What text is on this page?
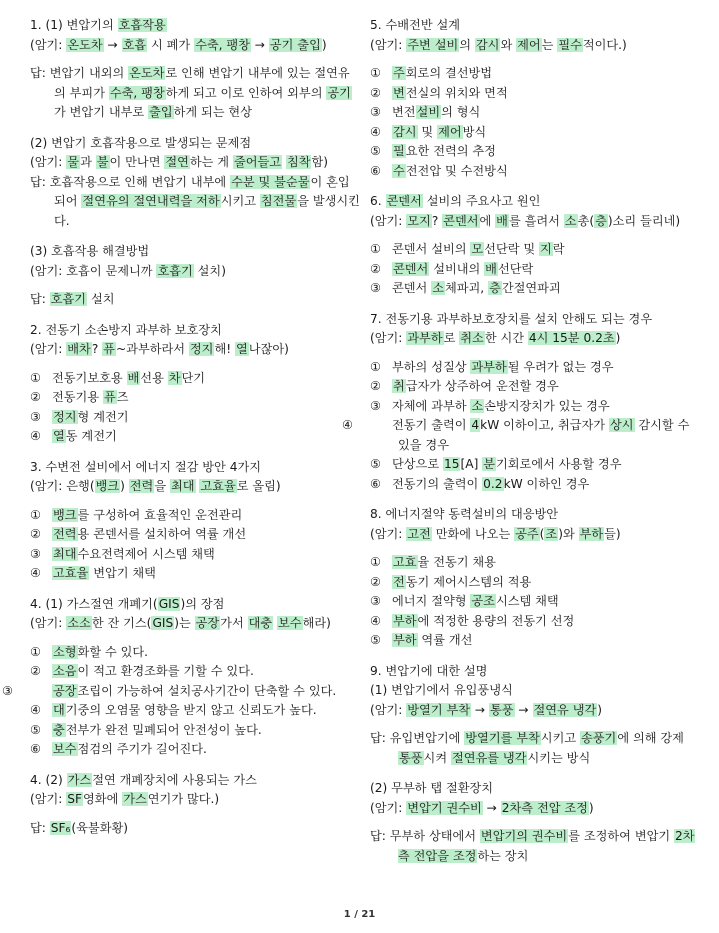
1. (1) 변압기의 호흡작용
(암기: 온도차 → 호흡 시 폐가 수축, 팽창 → 공기 출입)
답: 변압기 내외의 온도차로 인해 변압기 내부에 있는 절연유의 부피가 수축, 팽창하게 되고 이로 인하여 외부의 공기가 변압기 내부로 출입하게 되는 현상
(2) 변압기 호흡작용으로 발생되는 문제점
(암기: 물과 불이 만나면 절연하는 게 줄어들고 침착함)
답: 호흡작용으로 인해 변압기 내부에 수분 및 불순물이 혼입되어 절연유의 절연내력을 저하시키고 침전물을 발생시킨다.
(3) 호흡작용 해결방법
(암기: 호흡이 문제니까 호흡기 설치)
답: 호흡기 설치
2. 전동기 소손방지 과부하 보호장치
(암기: 배차? 퓨~과부하라서 정지해! 열나잖아)
① 전동기보호용 배선용 차단기
② 전동기용 퓨즈
③ 정지형 계전기
④ 열동 계전기
3. 수변전 설비에서 에너지 절감 방안 4가지
(암기: 은행(뱅크) 전력을 최대 고효율로 올림)
① 뱅크를 구성하여 효율적인 운전관리
② 전력용 콘덴서를 설치하여 역률 개선
③ 최대수요전력제어 시스템 채택
④ 고효율 변압기 채택
4. (1) 가스절연 개폐기(GIS)의 장점
(암기: 소소한 잔 기스(GIS)는 공장가서 대충 보수해라)
① 소형화할 수 있다.
② 소음이 적고 환경조화를 기할 수 있다.
③	공장조립이 가능하여 설치공사기간이 단축할 수 있다.
④ 대기중의 오염물 영향을 받지 않고 신뢰도가 높다.
⑤ 충전부가 완전 밀폐되어 안전성이 높다.
⑥ 보수점검의 주기가 길어진다.
4. (2) 가스절연 개폐장치에 사용되는 가스
(암기: SF영화에 가스연기가 많다.)
답: SF₆(육불화황)
5. 수배전반 설계
(암기: 주변 설비의 감시와 제어는 필수적이다.)
① 주회로의 결선방법
② 변전실의 위치와 면적
③ 변전설비의 형식
④ 감시 및 제어방식
⑤ 필요한 전력의 추정
⑥ 수전전압 및 수전방식
6. 콘덴서 설비의 주요사고 원인
(암기: 모지? 콘덴서에 배를 흘려서 소총(층)소리 들리네)
① 콘덴서 설비의 모선단락 및 지락
② 콘덴서 설비내의 배선단락
③ 콘덴서 소체파괴, 층간절연파괴
7. 전동기용 과부하보호장치를 설치 안해도 되는 경우
(암기: 과부하로 취소한 시간 4시 15분 0.2초)
① 부하의 성질상 과부하될 우려가 없는 경우
② 취급자가 상주하여 운전할 경우
③ 자체에 과부하 소손방지장치가 있는 경우
④	전동기 출력이 4kW 이하이고, 취급자가 상시 감시할 수 있을 경우
⑤ 단상으로 15[A] 분기회로에서 사용할 경우
⑥ 전동기의 출력이 0.2kW 이하인 경우
8. 에너지절약 동력설비의 대응방안
(암기: 고전 만화에 나오는 공주(조)와 부하들)
① 고효율 전동기 채용
② 전동기 제어시스템의 적용
③ 에너지 절약형 공조시스템 채택
④ 부하에 적정한 용량의 전동기 선정
⑤ 부하 역률 개선
9. 변압기에 대한 설명
(1) 변압기에서 유입풍냉식
(암기: 방열기 부착 → 통풍 → 절연유 냉각)
답: 유입변압기에 방열기를 부착시키고 송풍기에 의해 강제 통풍시켜 절연유를 냉각시키는 방식
(2) 무부하 탭 절환장치
(암기: 변압기 권수비 → 2차측 전압 조정)
답: 무부하 상태에서 변압기의 권수비를 조정하여 변압기 2차측 전압을 조정하는 장치
1 / 21
